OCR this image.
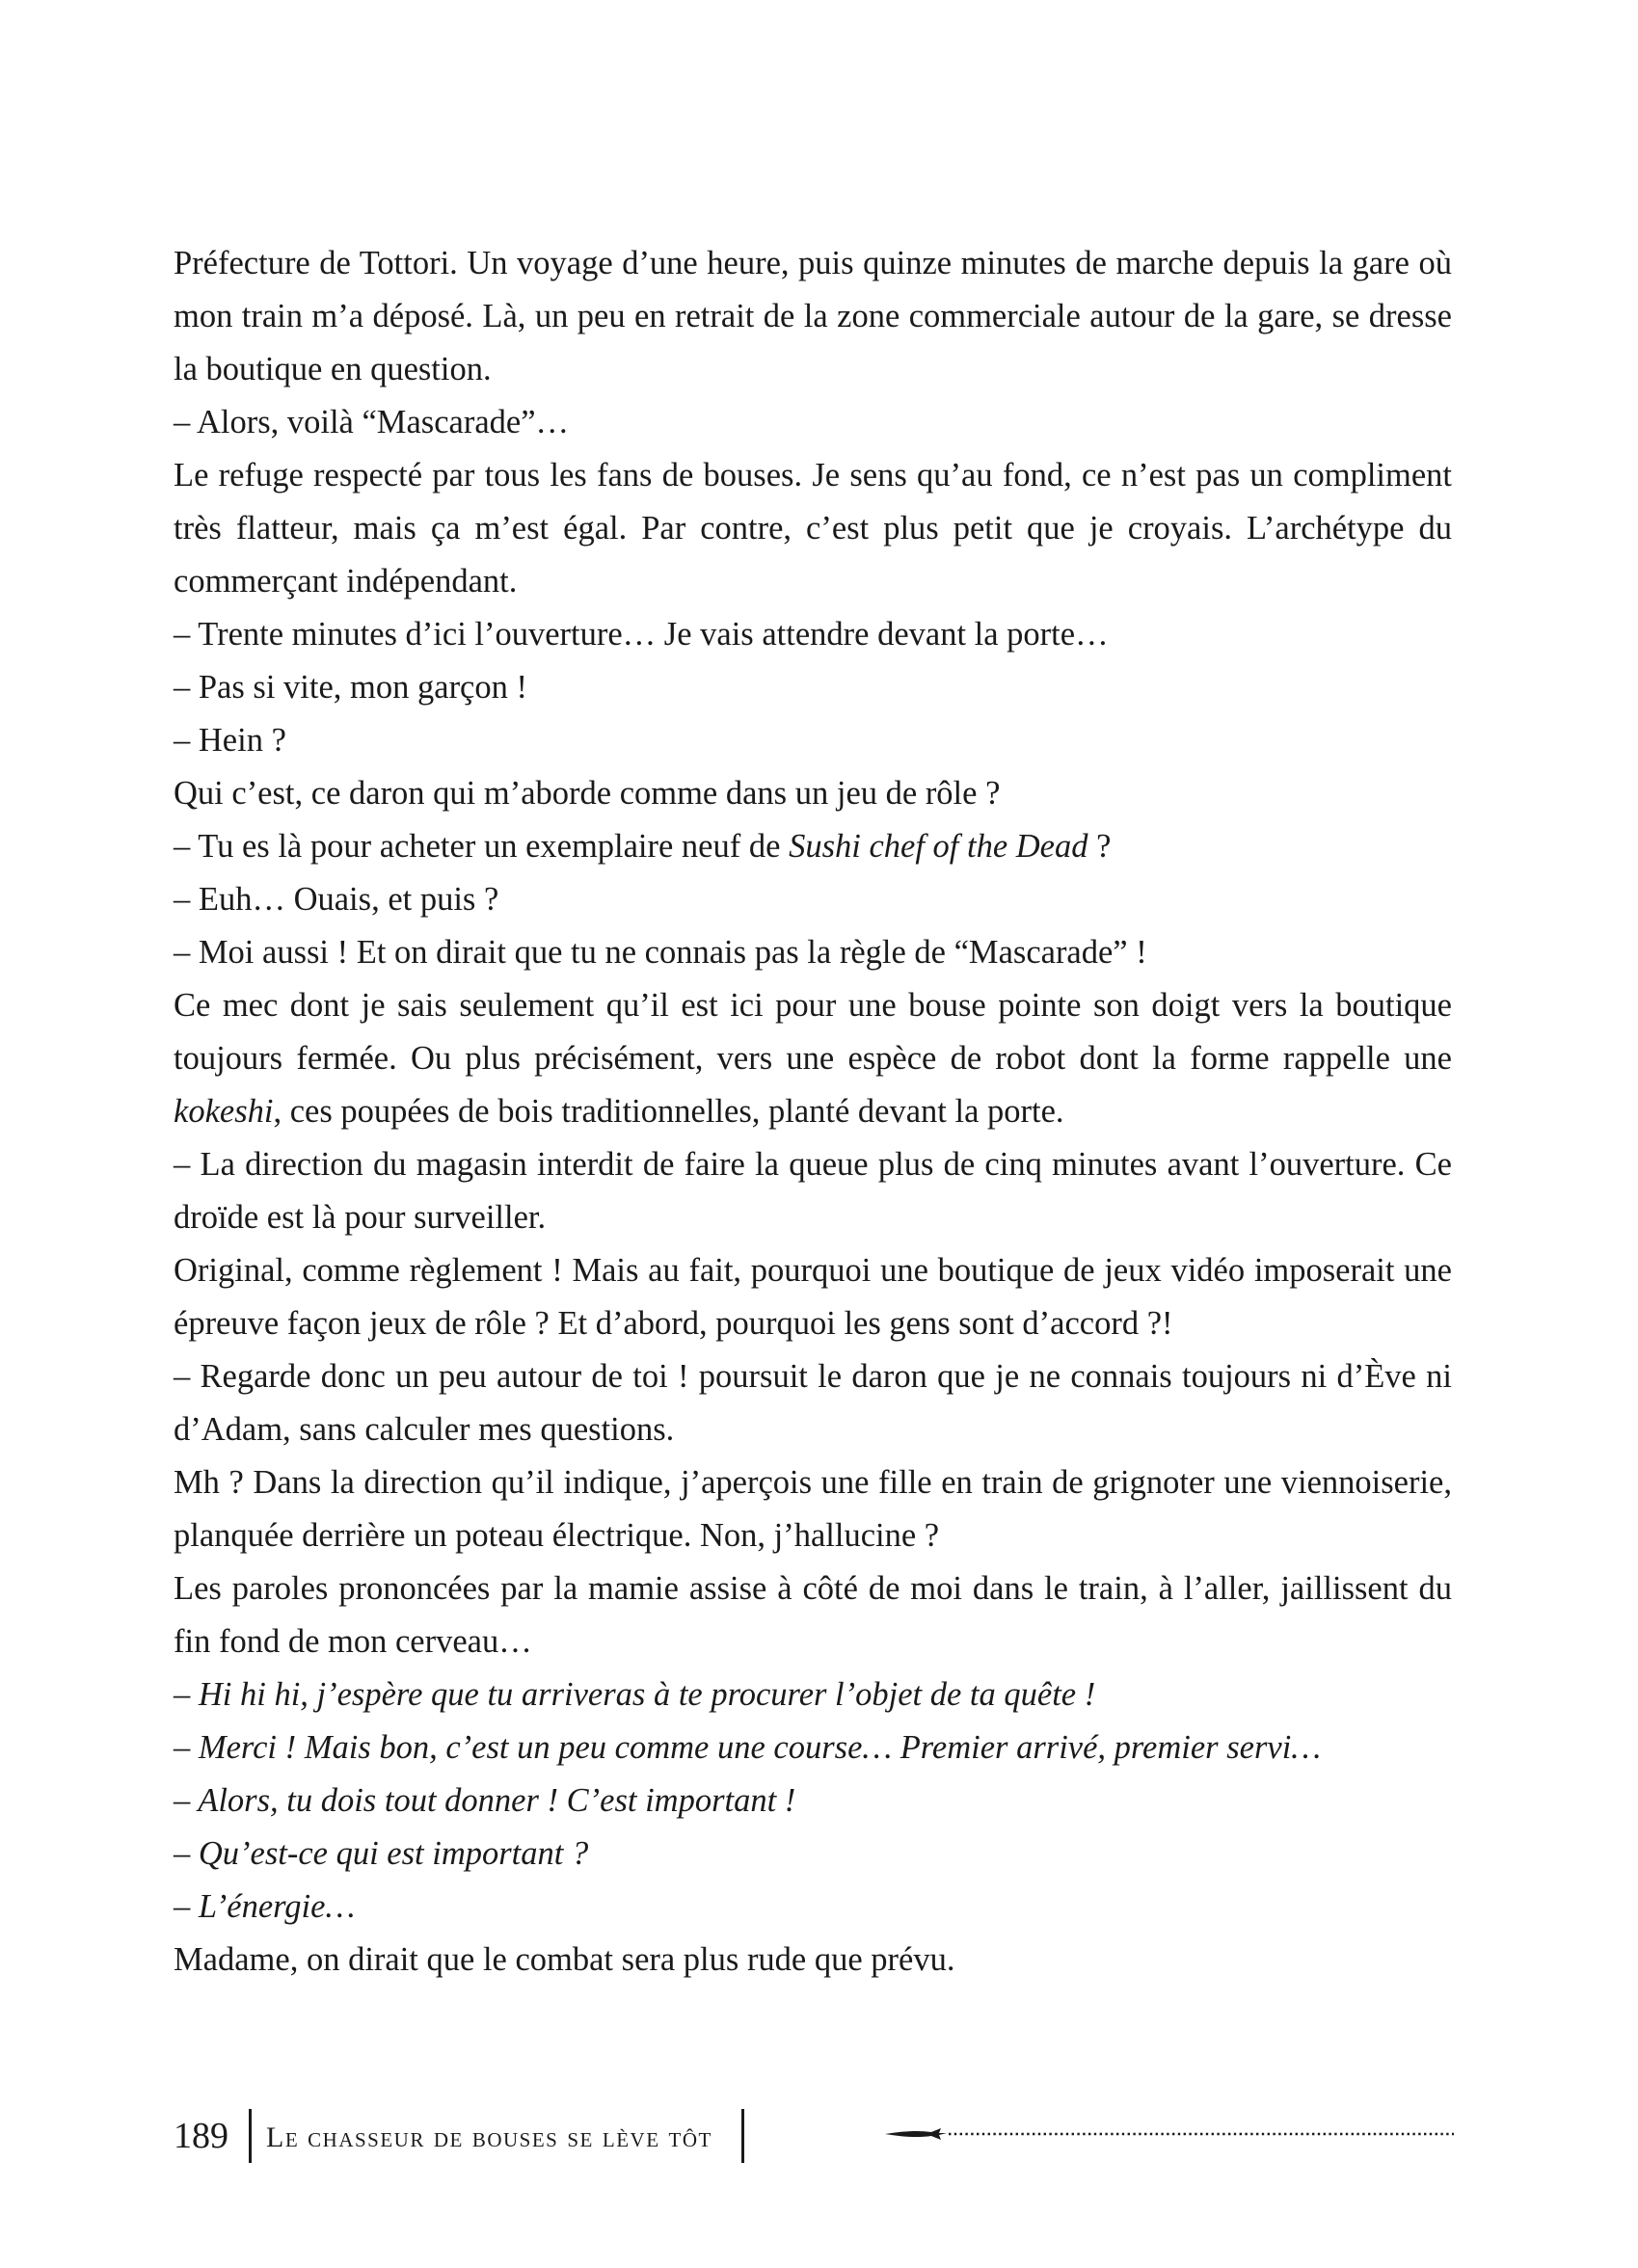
Préfecture de Tottori. Un voyage d’une heure, puis quinze minutes de marche depuis la gare où mon train m’a déposé. Là, un peu en retrait de la zone commerciale autour de la gare, se dresse la boutique en question.

– Alors, voilà “Mascarade”…

Le refuge respecté par tous les fans de bouses. Je sens qu’au fond, ce n’est pas un compliment très flatteur, mais ça m’est égal. Par contre, c’est plus petit que je croyais. L’archétype du commerçant indépendant.

– Trente minutes d’ici l’ouverture… Je vais attendre devant la porte…

– Pas si vite, mon garçon !

– Hein ?

Qui c’est, ce daron qui m’aborde comme dans un jeu de rôle ?

– Tu es là pour acheter un exemplaire neuf de Sushi chef of the Dead ?

– Euh… Ouais, et puis ?

– Moi aussi ! Et on dirait que tu ne connais pas la règle de “Mascarade” !

Ce mec dont je sais seulement qu’il est ici pour une bouse pointe son doigt vers la boutique toujours fermée. Ou plus précisément, vers une espèce de robot dont la forme rappelle une kokeshi, ces poupées de bois traditionnelles, planté devant la porte.

– La direction du magasin interdit de faire la queue plus de cinq minutes avant l’ouverture. Ce droïde est là pour surveiller.

Original, comme règlement ! Mais au fait, pourquoi une boutique de jeux vidéo imposerait une épreuve façon jeux de rôle ? Et d’abord, pourquoi les gens sont d’accord ?!

– Regarde donc un peu autour de toi ! poursuit le daron que je ne connais toujours ni d’Ève ni d’Adam, sans calculer mes questions.

Mh ? Dans la direction qu’il indique, j’aperçois une fille en train de grignoter une viennoiserie, planquée derrière un poteau électrique. Non, j’hallucine ?

Les paroles prononcées par la mamie assise à côté de moi dans le train, à l’aller, jaillissent du fin fond de mon cerveau…

– Hi hi hi, j’espère que tu arriveras à te procurer l’objet de ta quête !

– Merci ! Mais bon, c’est un peu comme une course… Premier arrivé, premier servi…

– Alors, tu dois tout donner ! C’est important !

– Qu’est-ce qui est important ?

– L’énergie…

Madame, on dirait que le combat sera plus rude que prévu.

189 Le chasseur de bouses se lève tôt
